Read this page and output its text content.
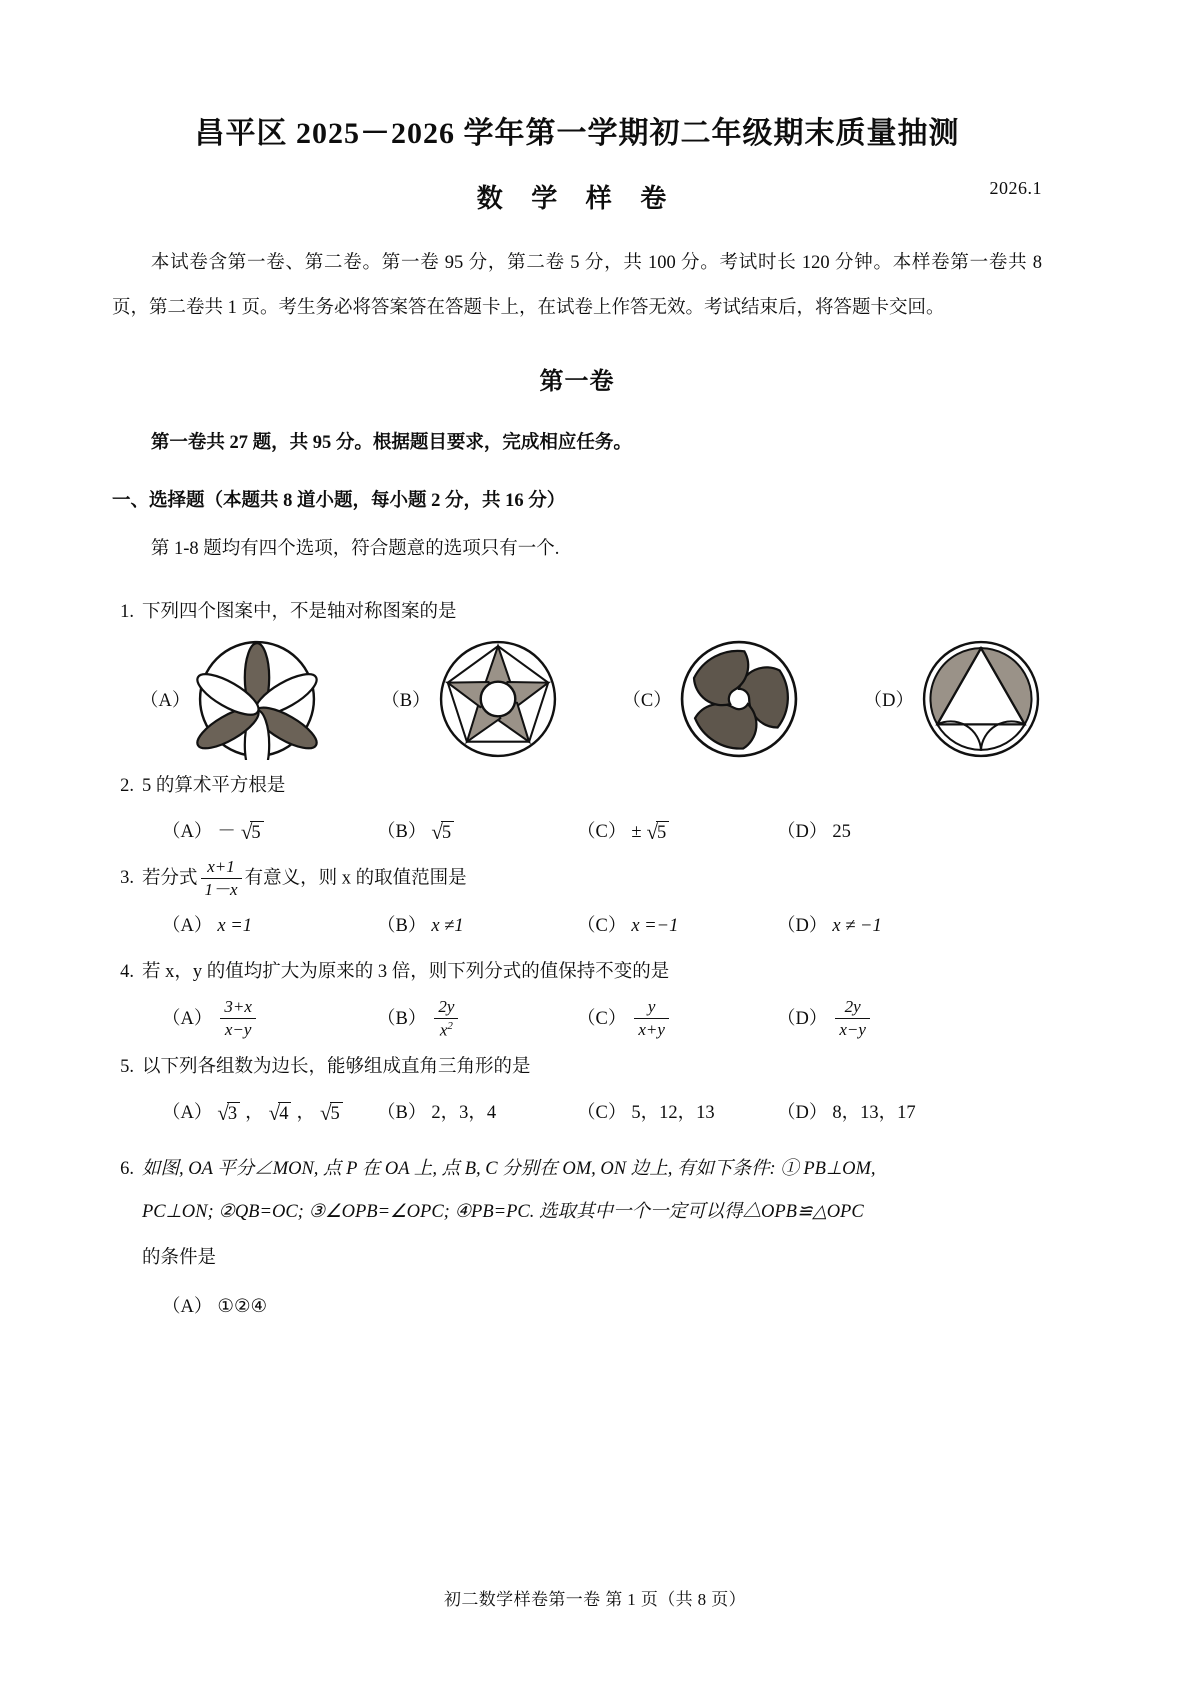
昌平区 2025－2026 学年第一学期初二年级期末质量抽测
数 学 样 卷	2026.1

本试卷含第一卷、第二卷。第一卷 95 分，第二卷 5 分，共 100 分。考试时长 120 分钟。本样卷第一卷共 8 页，第二卷共 1 页。考生务必将答案答在答题卡上，在试卷上作答无效。考试结束后，将答题卡交回。

第一卷
第一卷共 27 题，共 95 分。根据题目要求，完成相应任务。
一、选择题（本题共 8 道小题，每小题 2 分，共 16 分）
第 1-8 题均有四个选项，符合题意的选项只有一个.
1. 下列四个图案中，不是轴对称图案的是
（A）	（B）	（C）	（D）
2. 5 的算术平方根是
（A） － √ 5	（B） √ 5	（C） ± √ 5	（D） 25
3. 若分式 $\frac{x+1}{1-x}$ 有意义，则 x 的取值范围是
（A） x =1	（B） x ≠1	（C） x =−1	（D） x ≠ −1
4. 若 x，y 的值均扩大为原来的 3 倍，则下列分式的值保持不变的是
$(A) \frac{3+x}{x-y}$	$(B) \frac{2y}{x^2}$	$(C) \frac{y}{x+y}$	$(D) \frac{2y}{x-y}$
5. 以下列各组数为边长，能够组成直角三角形的是
（A） √ 3 ， √ 4 ， √ 5 （B） 2，3，4	（C） 5，12，13	（D） 8，13，17
6. 如图, OA 平分∠MON, 点 P 在 OA 上, 点 B, C 分别在 OM, ON 边上, 有如下条件: ① PB⊥OM,
PC⊥ON; ②QB=OC; ③∠OPB=∠OPC; ④PB=PC. 选取其中一个一定可以得△OPB≌△OPC
的条件是
（A） ①②④
初二数学样卷第一卷 第 1 页（共 8 页）
